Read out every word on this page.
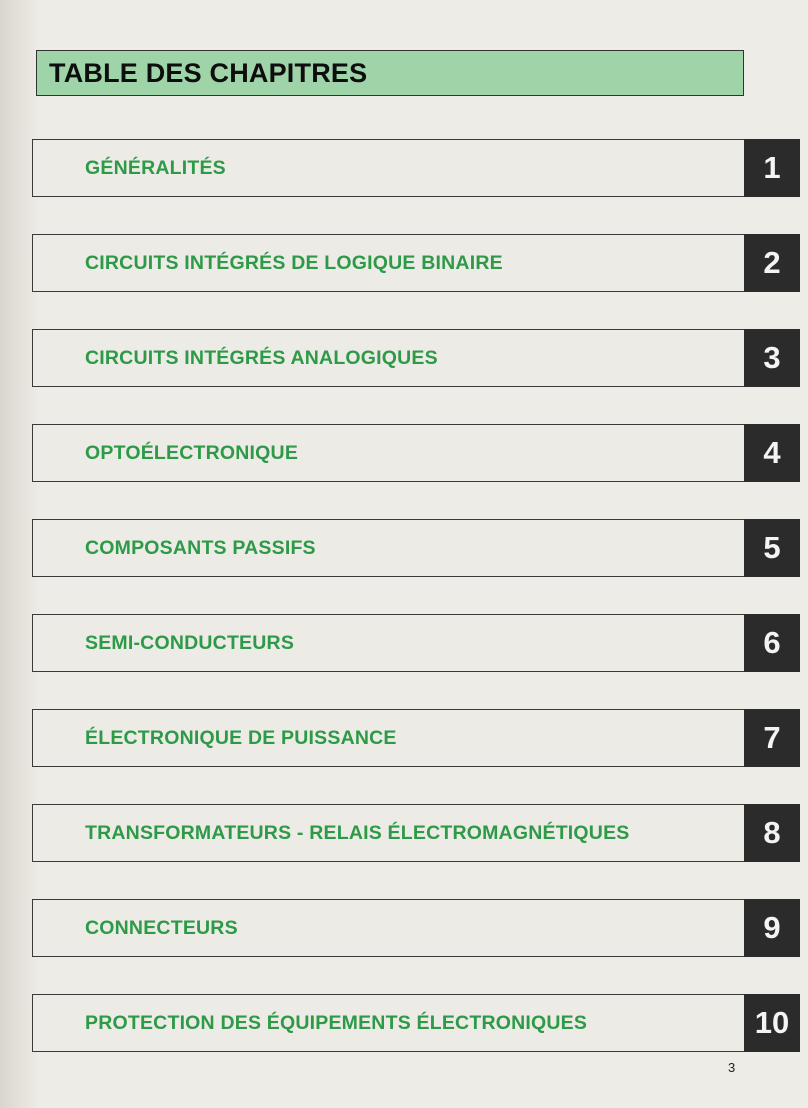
TABLE DES CHAPITRES
GÉNÉRALITÉS	1
CIRCUITS INTÉGRÉS DE LOGIQUE BINAIRE	2
CIRCUITS INTÉGRÉS ANALOGIQUES	3
OPTOÉLECTRONIQUE	4
COMPOSANTS PASSIFS	5
SEMI-CONDUCTEURS	6
ÉLECTRONIQUE DE PUISSANCE	7
TRANSFORMATEURS - RELAIS ÉLECTROMAGNÉTIQUES	8
CONNECTEURS	9
PROTECTION DES ÉQUIPEMENTS ÉLECTRONIQUES	10
3
